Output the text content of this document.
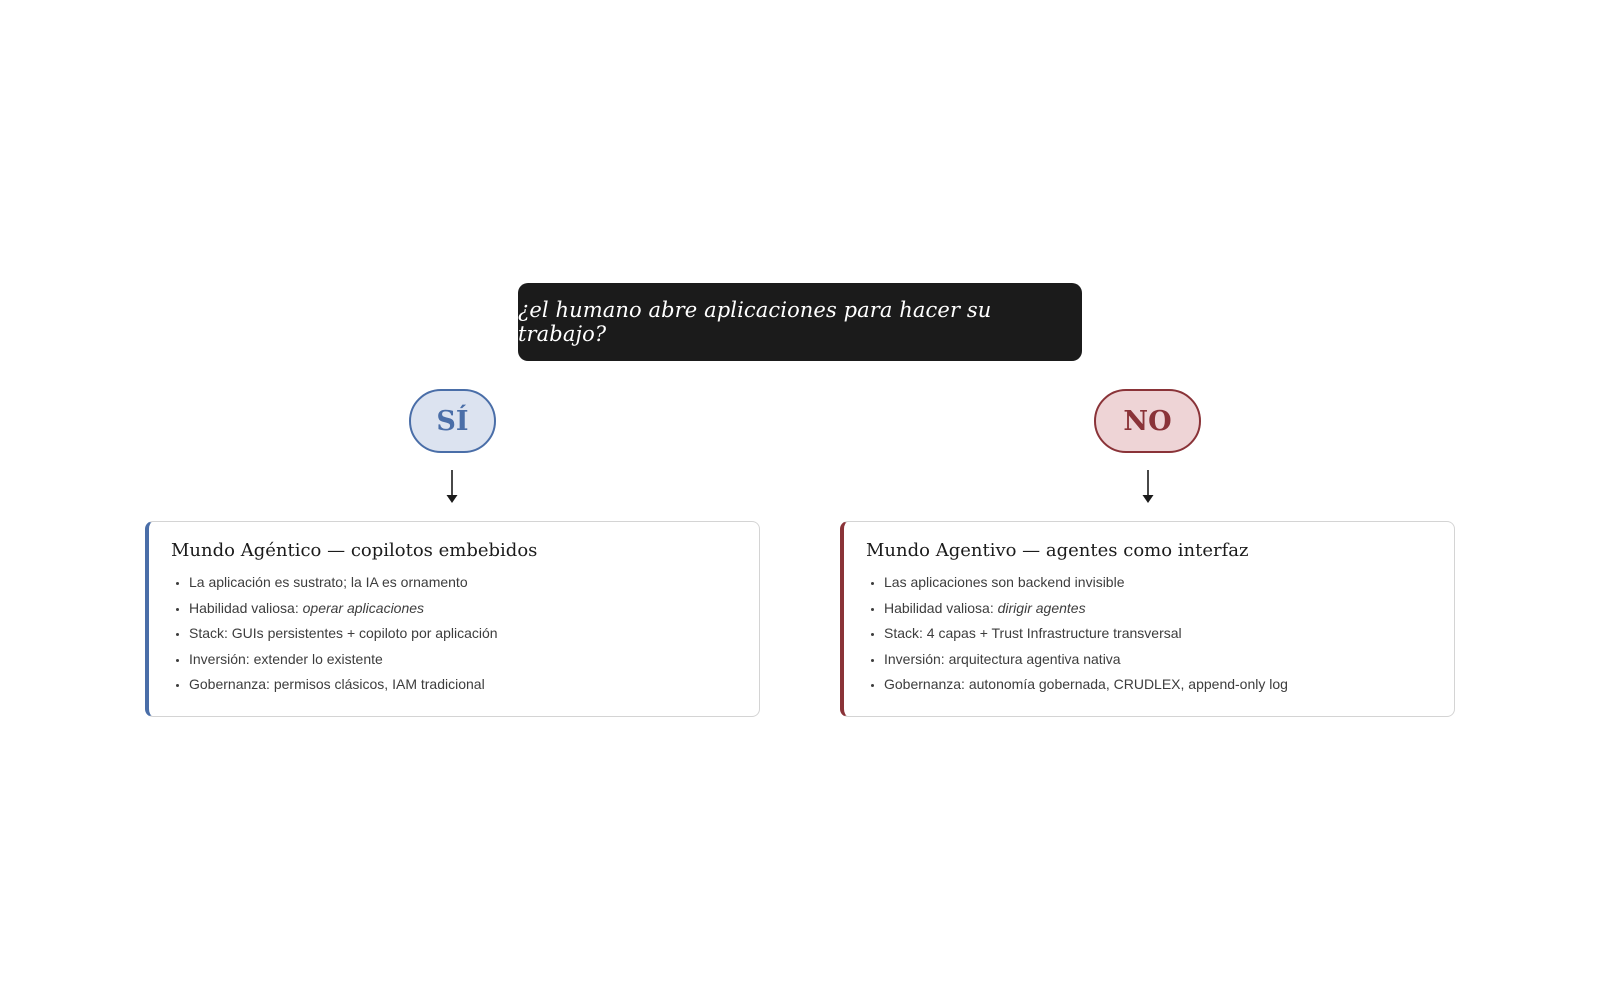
¿el humano abre aplicaciones para hacer su trabajo?
SÍ	NO
Mundo Agéntico — copilotos embebidos
• La aplicación es sustrato; la IA es ornamento
• Habilidad valiosa: operar aplicaciones
• Stack: GUIs persistentes + copiloto por aplicación
• Inversión: extender lo existente
• Gobernanza: permisos clásicos, IAM tradicional
Mundo Agentivo — agentes como interfaz
• Las aplicaciones son backend invisible
• Habilidad valiosa: dirigir agentes
• Stack: 4 capas + Trust Infrastructure transversal
• Inversión: arquitectura agentiva nativa
• Gobernanza: autonomía gobernada, CRUDLEX, append-only log
